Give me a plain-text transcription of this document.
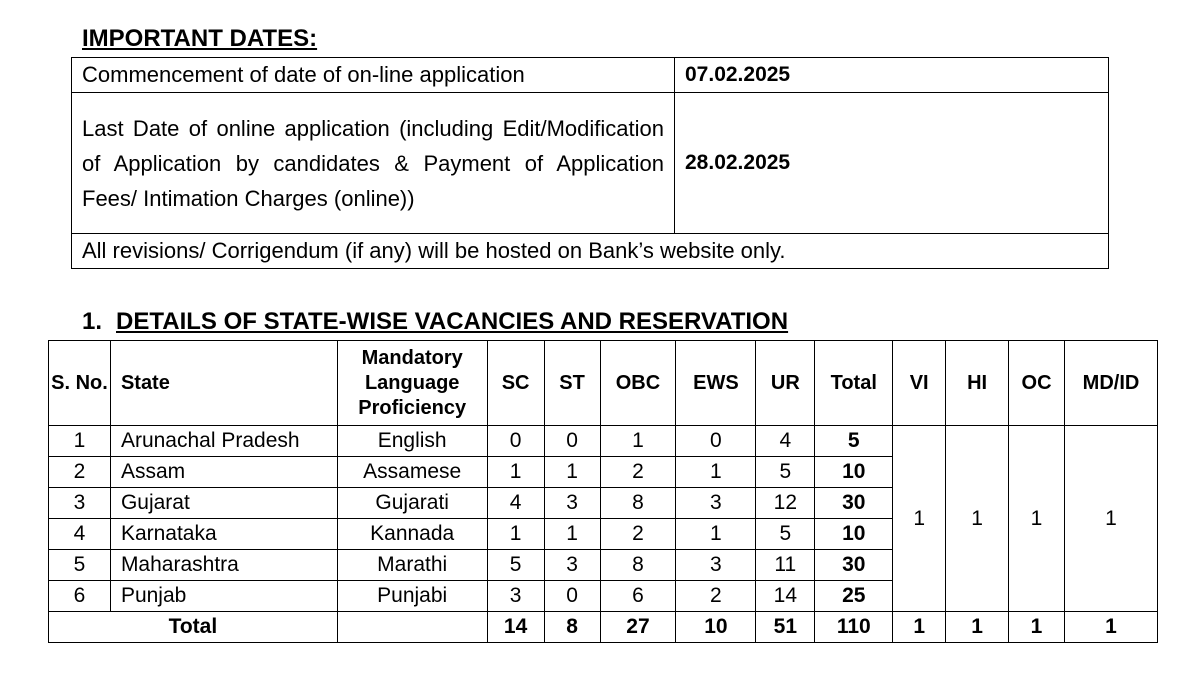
IMPORTANT DATES:
Commencement of date of on-line application	07.02.2025
Last Date of online application (including Edit/Modification of Application by candidates & Payment of Application Fees/ Intimation Charges (online))	28.02.2025
All revisions/ Corrigendum (if any) will be hosted on Bank’s website only.	
1. DETAILS OF STATE-WISE VACANCIES AND RESERVATION
S. No.	State	Mandatory Language Proficiency	SC	ST	OBC	EWS	UR	Total	VI	HI	OC	MD/ID
1	Arunachal Pradesh	English	0	0	1	0	4	5	1	1	1	1
2	Assam	Assamese	1	1	2	1	5	10				
3	Gujarat	Gujarati	4	3	8	3	12	30				
4	Karnataka	Kannada	1	1	2	1	5	10				
5	Maharashtra	Marathi	5	3	8	3	11	30				
6	Punjab	Punjabi	3	0	6	2	14	25				
Total			14	8	27	10	51	110	1	1	1	1
